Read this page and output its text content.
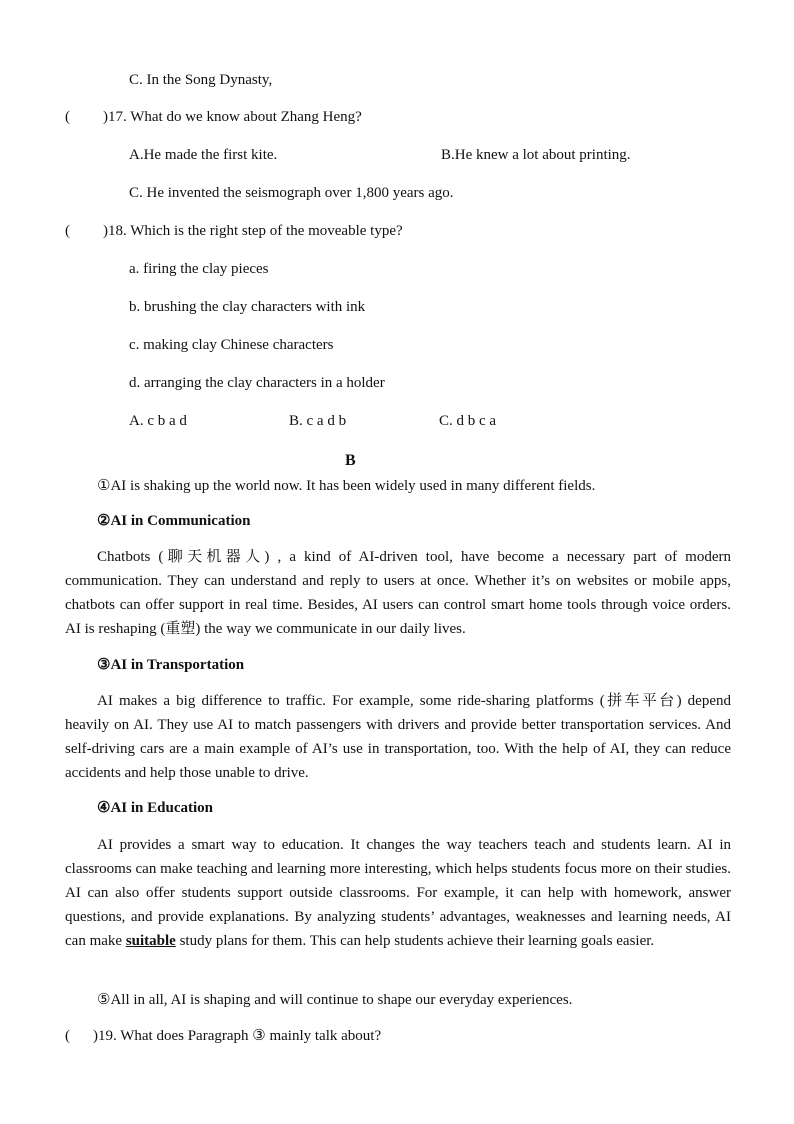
C. In the Song Dynasty,
( )17. What do we know about Zhang Heng?
A.He made the first kite.	B.He knew a lot about printing.
C. He invented the seismograph over 1,800 years ago.
( )18. Which is the right step of the moveable type?
a. firing the clay pieces
b. brushing the clay characters with ink
c. making clay Chinese characters
d. arranging the clay characters in a holder
A. c b a d	B. c a d b	C. d b c a
B
①AI is shaking up the world now. It has been widely used in many different fields.
②AI in Communication
Chatbots (聊天机器人) , a kind of AI-driven tool, have become a necessary part of modern communication. They can understand and reply to users at once. Whether it’s on websites or mobile apps, chatbots can offer support in real time. Besides, AI users can control smart home tools through voice orders. AI is reshaping (重塑) the way we communicate in our daily lives.
③AI in Transportation
AI makes a big difference to traffic. For example, some ride-sharing platforms (拼车平台) depend heavily on AI. They use AI to match passengers with drivers and provide better transportation services. And self-driving cars are a main example of AI’s use in transportation, too. With the help of AI, they can reduce accidents and help those unable to drive.
④AI in Education
AI provides a smart way to education. It changes the way teachers teach and students learn. AI in classrooms can make teaching and learning more interesting, which helps students focus more on their studies. AI can also offer students support outside classrooms. For example, it can help with homework, answer questions, and provide explanations. By analyzing students’ advantages, weaknesses and learning needs, AI can make suitable study plans for them. This can help students achieve their learning goals easier.
⑤All in all, AI is shaping and will continue to shape our everyday experiences.
( )19. What does Paragraph ③ mainly talk about?
